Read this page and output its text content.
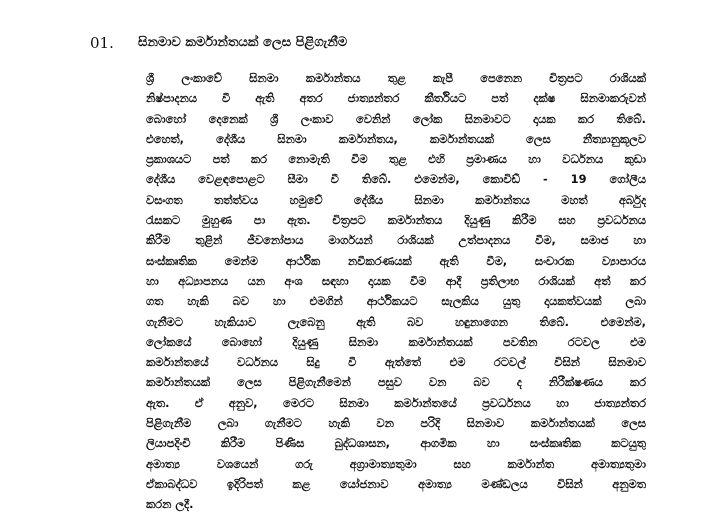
01. සිනමාව කර්මාන්තයක් ලෙස පිළිගැනීම
ශ්‍රී ලංකාවේ සිනමා කර්මාන්තය තුළ කැපී පෙනෙන චිත්‍රපට රාශියක්
නිෂ්පාදනය වී ඇති අතර ජාත්‍යන්තර කීර්තියට පත් දක්ෂ සිනමාකරුවන්
බොහෝ දෙනෙක් ශ්‍රී ලංකාව වෙනින් ලෝක සිනමාවට දායක කර තිබේ.
එහෙත්, දේශීය සිනමා කර්මාන්තය, කර්මාන්තයක් ලෙස නීත්‍යානුකූලව
ප්‍රකාශයට පත් කර නොමැති වීම තුළ එහි ප්‍රමාණය හා වර්ධනය කුඩා
දේශීය වෙළඳපොළට සීමා වී තිබේ. එමෙන්ම, කොවිඩ් - 19 ගෝලීය
වසංගත තත්ත්වය හමුවේ දේශීය සිනමා කර්මාන්තය මහත් අර්බුද
රැසකට මුහුණ පා ඇත. චිත්‍රපට කර්මාන්තය දියුණු කිරීම සහ ප්‍රවර්ධනය
කිරීම තුළින් ජීවනෝපාය මාර්ගයන් රාශියක් උත්පාදනය වීම, සමාජ හා
සංස්කෘතික මෙන්ම ආර්ථික නවීකරණයක් ඇති වීම, සංචාරක ව්‍යාපාරය
හා අධ්‍යාපනය යන අංශ සඳහා දායක වීම ආදී ප්‍රතිලාභ රාශියක් අත් කර
ගත හැකි බව හා එමගින් ආර්ථිකයට සැලකිය යුතු දායකත්වයක් ලබා
ගැනීමට හැකියාව ලැබෙනු ඇති බව හඳුනාගෙන තිබේ. එමෙන්ම,
ලෝකයේ බොහෝ දියුණු සිනමා කර්මාන්තයක් පවතින රටවල එම
කර්මාන්තයේ වර්ධනය සිදු වී ඇත්තේ එම රටවල් විසින් සිනමාව
කර්මාන්තයක් ලෙස පිළිගැනීමෙන් පසුව වන බව ද නිරීක්ෂණය කර
ඇත. ඒ අනුව, මෙරට සිනමා කර්මාන්තයේ ප්‍රවර්ධනය හා ජාත්‍යන්තර
පිළිගැනීම ලබා ගැනීමට හැකි වන පරිදි සිනමාව කර්මාන්තයක් ලෙස
ලියාපදිංචි කිරීම පිණිස බුද්ධශාසන, ආගමික හා සංස්කෘතික කටයුතු
අමාත්‍ය වශයෙන් ගරු අග්‍රාමාත්‍යතුමා සහ කර්මාන්ත අමාත්‍යතුමා
ඒකාබද්ධව ඉදිරිපත් කළ යෝජනාව අමාත්‍ය මණ්ඩලය විසින් අනුමත
කරන ලදී.
